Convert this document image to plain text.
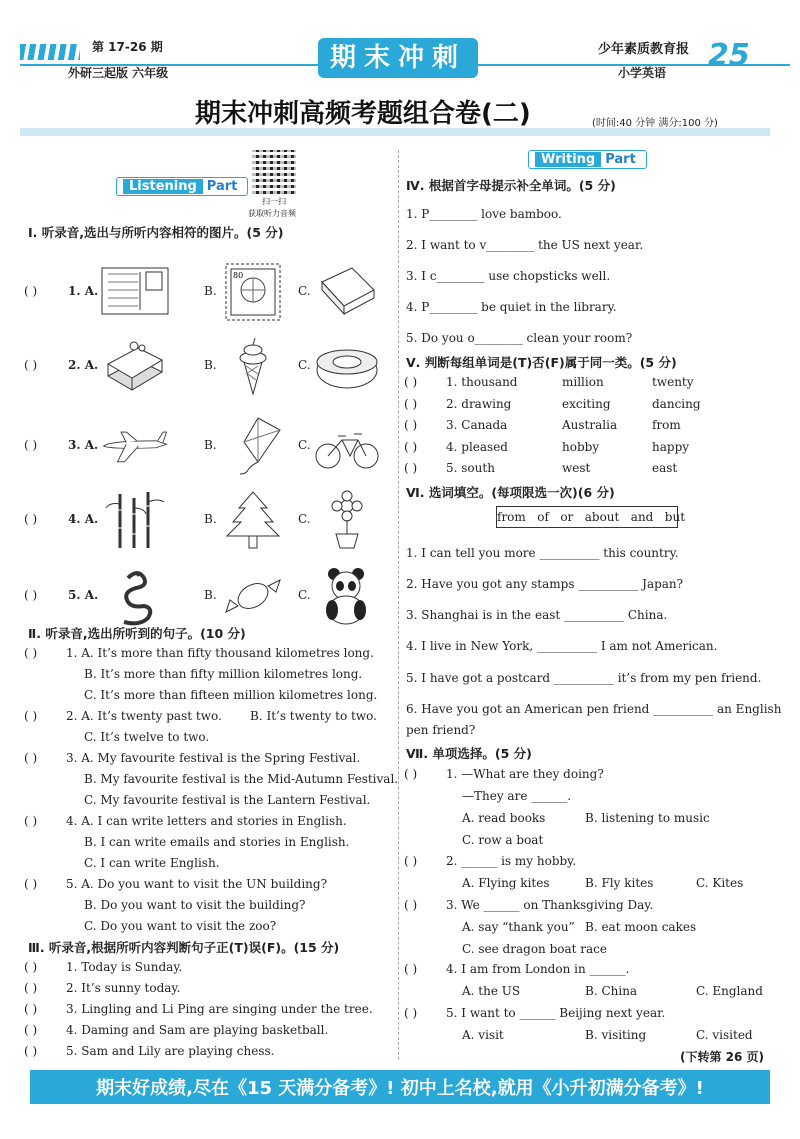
第 17-26 期
外研三起版 六年级	期末冲刺	少年素质教育报
小学英语 25
期末冲刺高频考题组合卷(二)	(时间:40 分钟 满分:100 分)
Listening Part
扫一扫
获取听力音频
Ⅰ. 听录音,选出与所听内容相符的图片。(5 分)
Ⅱ. 听录音,选出所听到的句子。(10 分)
Ⅲ. 听录音,根据所听内容判断句子正(T)误(F)。(15 分)
Writing Part
Ⅳ. 根据首字母提示补全单词。(5 分)
Ⅴ. 判断每组单词是(T)否(F)属于同一类。(5 分)
Ⅵ. 选词填空。(每项限选一次)(6 分)
from   of   or   about   and   but
Ⅶ. 单项选择。(5 分)
(下转第 26 页)
期末好成绩,尽在《15 天满分备考》! 初中上名校,就用《小升初满分备考》!
( )	1. A.	B.	C.
80
( )	2. A.	B.	C.
( )	3. A.	B.	C.
( )	4. A.	B.	C.
( )	5. A.	B.	C.
( ) 1. A. It’s more than fifty thousand kilometres long.
B. It’s more than fifty million kilometres long.
C. It’s more than fifteen million kilometres long.
( ) 2. A. It’s twenty past two. B. It’s twenty to two.
C. It’s twelve to two.
( ) 3. A. My favourite festival is the Spring Festival.
B. My favourite festival is the Mid-Autumn Festival.
C. My favourite festival is the Lantern Festival.
( ) 4. A. I can write letters and stories in English.
B. I can write emails and stories in English.
C. I can write English.
( ) 5. A. Do you want to visit the UN building?
B. Do you want to visit the building?
C. Do you want to visit the zoo?
( ) 1. Today is Sunday.
( ) 2. It’s sunny today.
( ) 3. Lingling and Li Ping are singing under the tree.
( ) 4. Daming and Sam are playing basketball.
( ) 5. Sam and Lily are playing chess.
1. P________ love bamboo.
2. I want to v________ the US next year.
3. I c________ use chopsticks well.
4. P________ be quiet in the library.
5. Do you o________ clean your room?
( ) 1. thousand	million	twenty
( ) 2. drawing	exciting	dancing
( ) 3. Canada	Australia	from
( ) 4. pleased	hobby	happy
( ) 5. south	west	east
1. I can tell you more __________ this country.
2. Have you got any stamps __________ Japan?
3. Shanghai is in the east __________ China.
4. I live in New York, __________ I am not American.
5. I have got a postcard __________ it’s from my pen friend.
6. Have you got an American pen friend __________ an English
pen friend?
( ) 1. —What are they doing?
—They are ______.
A. read books	B. listening to music
C. row a boat
( ) 2. ______ is my hobby.
A. Flying kites	B. Fly kites	C. Kites
( ) 3. We ______ on Thanksgiving Day.
A. say “thank you” B. eat moon cakes
C. see dragon boat race
( ) 4. I am from London in ______.
A. the US	B. China	C. England
( ) 5. I want to ______ Beijing next year.
A. visit	B. visiting	C. visited
